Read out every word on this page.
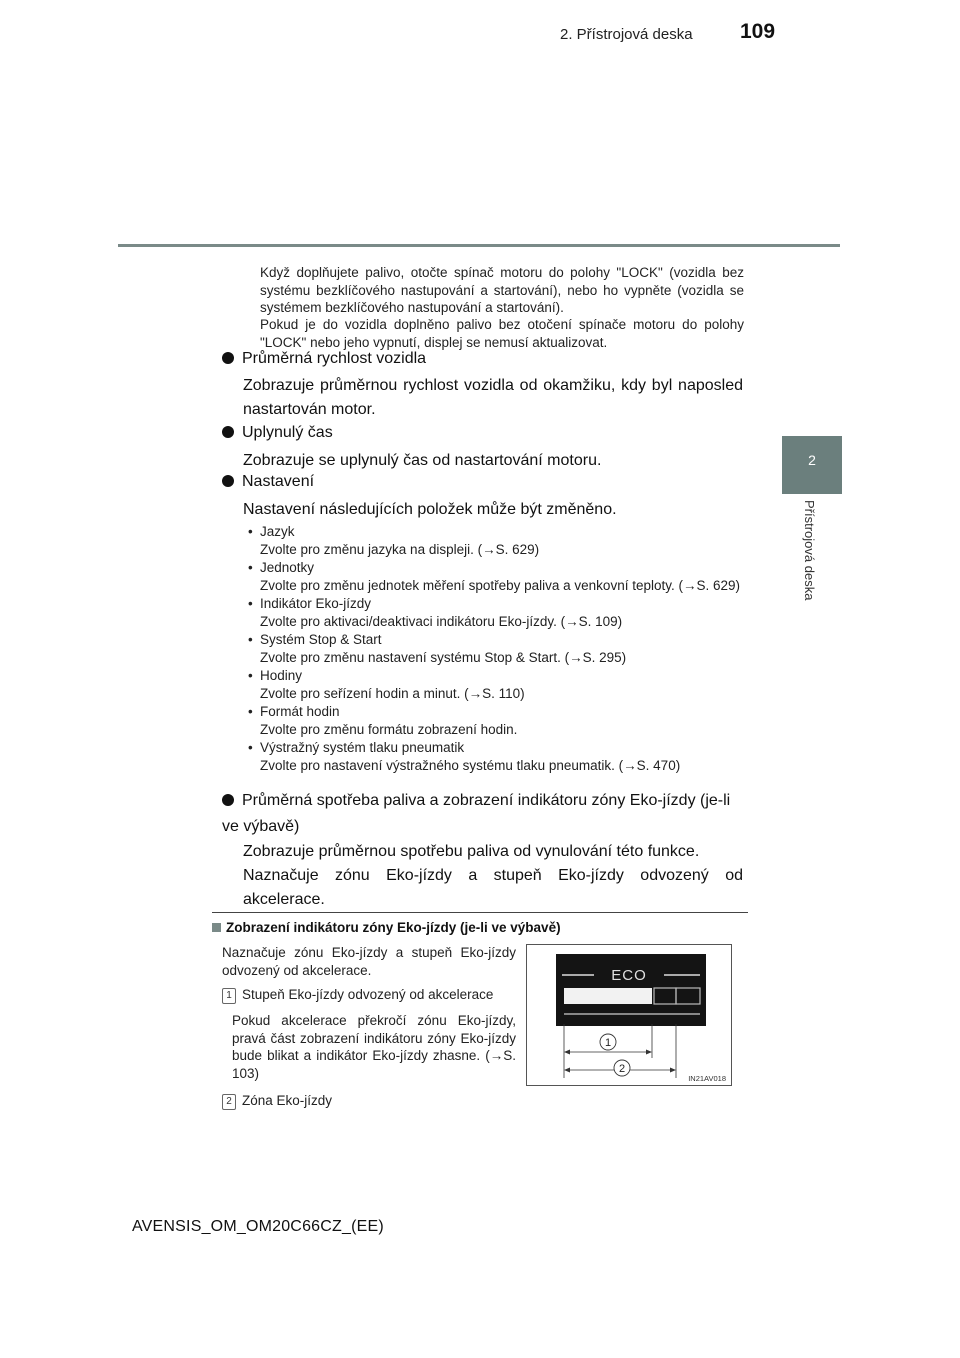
2. Přístrojová deska 109
2
Přístrojová deska
Když doplňujete palivo, otočte spínač motoru do polohy "LOCK" (vozidla bez systému bezklíčového nastupování a startování), nebo ho vypněte (vozidla se systémem bezklíčového nastupování a startování).
Pokud je do vozidla doplněno palivo bez otočení spínače motoru do polohy "LOCK" nebo jeho vypnutí, displej se nemusí aktualizovat.
Průměrná rychlost vozidla
Zobrazuje průměrnou rychlost vozidla od okamžiku, kdy byl naposled nastartován motor.
Uplynulý čas
Zobrazuje se uplynulý čas od nastartování motoru.
Nastavení
Nastavení následujících položek může být změněno.
• Jazyk
Zvolte pro změnu jazyka na displeji. (→S. 629)
• Jednotky
Zvolte pro změnu jednotek měření spotřeby paliva a venkovní teploty. (→S. 629)
• Indikátor Eko-jízdy
Zvolte pro aktivaci/deaktivaci indikátoru Eko-jízdy. (→S. 109)
• Systém Stop & Start
Zvolte pro změnu nastavení systému Stop & Start. (→S. 295)
• Hodiny
Zvolte pro seřízení hodin a minut. (→S. 110)
• Formát hodin
Zvolte pro změnu formátu zobrazení hodin.
• Výstražný systém tlaku pneumatik
Zvolte pro nastavení výstražného systému tlaku pneumatik. (→S. 470)
Průměrná spotřeba paliva a zobrazení indikátoru zóny Eko-jízdy (je-li ve výbavě)
Zobrazuje průměrnou spotřebu paliva od vynulování této funkce.
Naznačuje zónu Eko-jízdy a stupeň Eko-jízdy odvozený od akcelerace.
Zobrazení indikátoru zóny Eko-jízdy (je-li ve výbavě)
Naznačuje zónu Eko-jízdy a stupeň Eko-jízdy odvozený od akcelerace.
1 Stupeň Eko-jízdy odvozený od akcelerace
Pokud akcelerace překročí zónu Eko-jízdy, pravá část zobrazení indikátoru zóny Eko-jízdy bude blikat a indikátor Eko-jízdy zhasne. (→S. 103)
2 Zóna Eko-jízdy
ECO
1
2
IN21AV018
AVENSIS_OM_OM20C66CZ_(EE)
